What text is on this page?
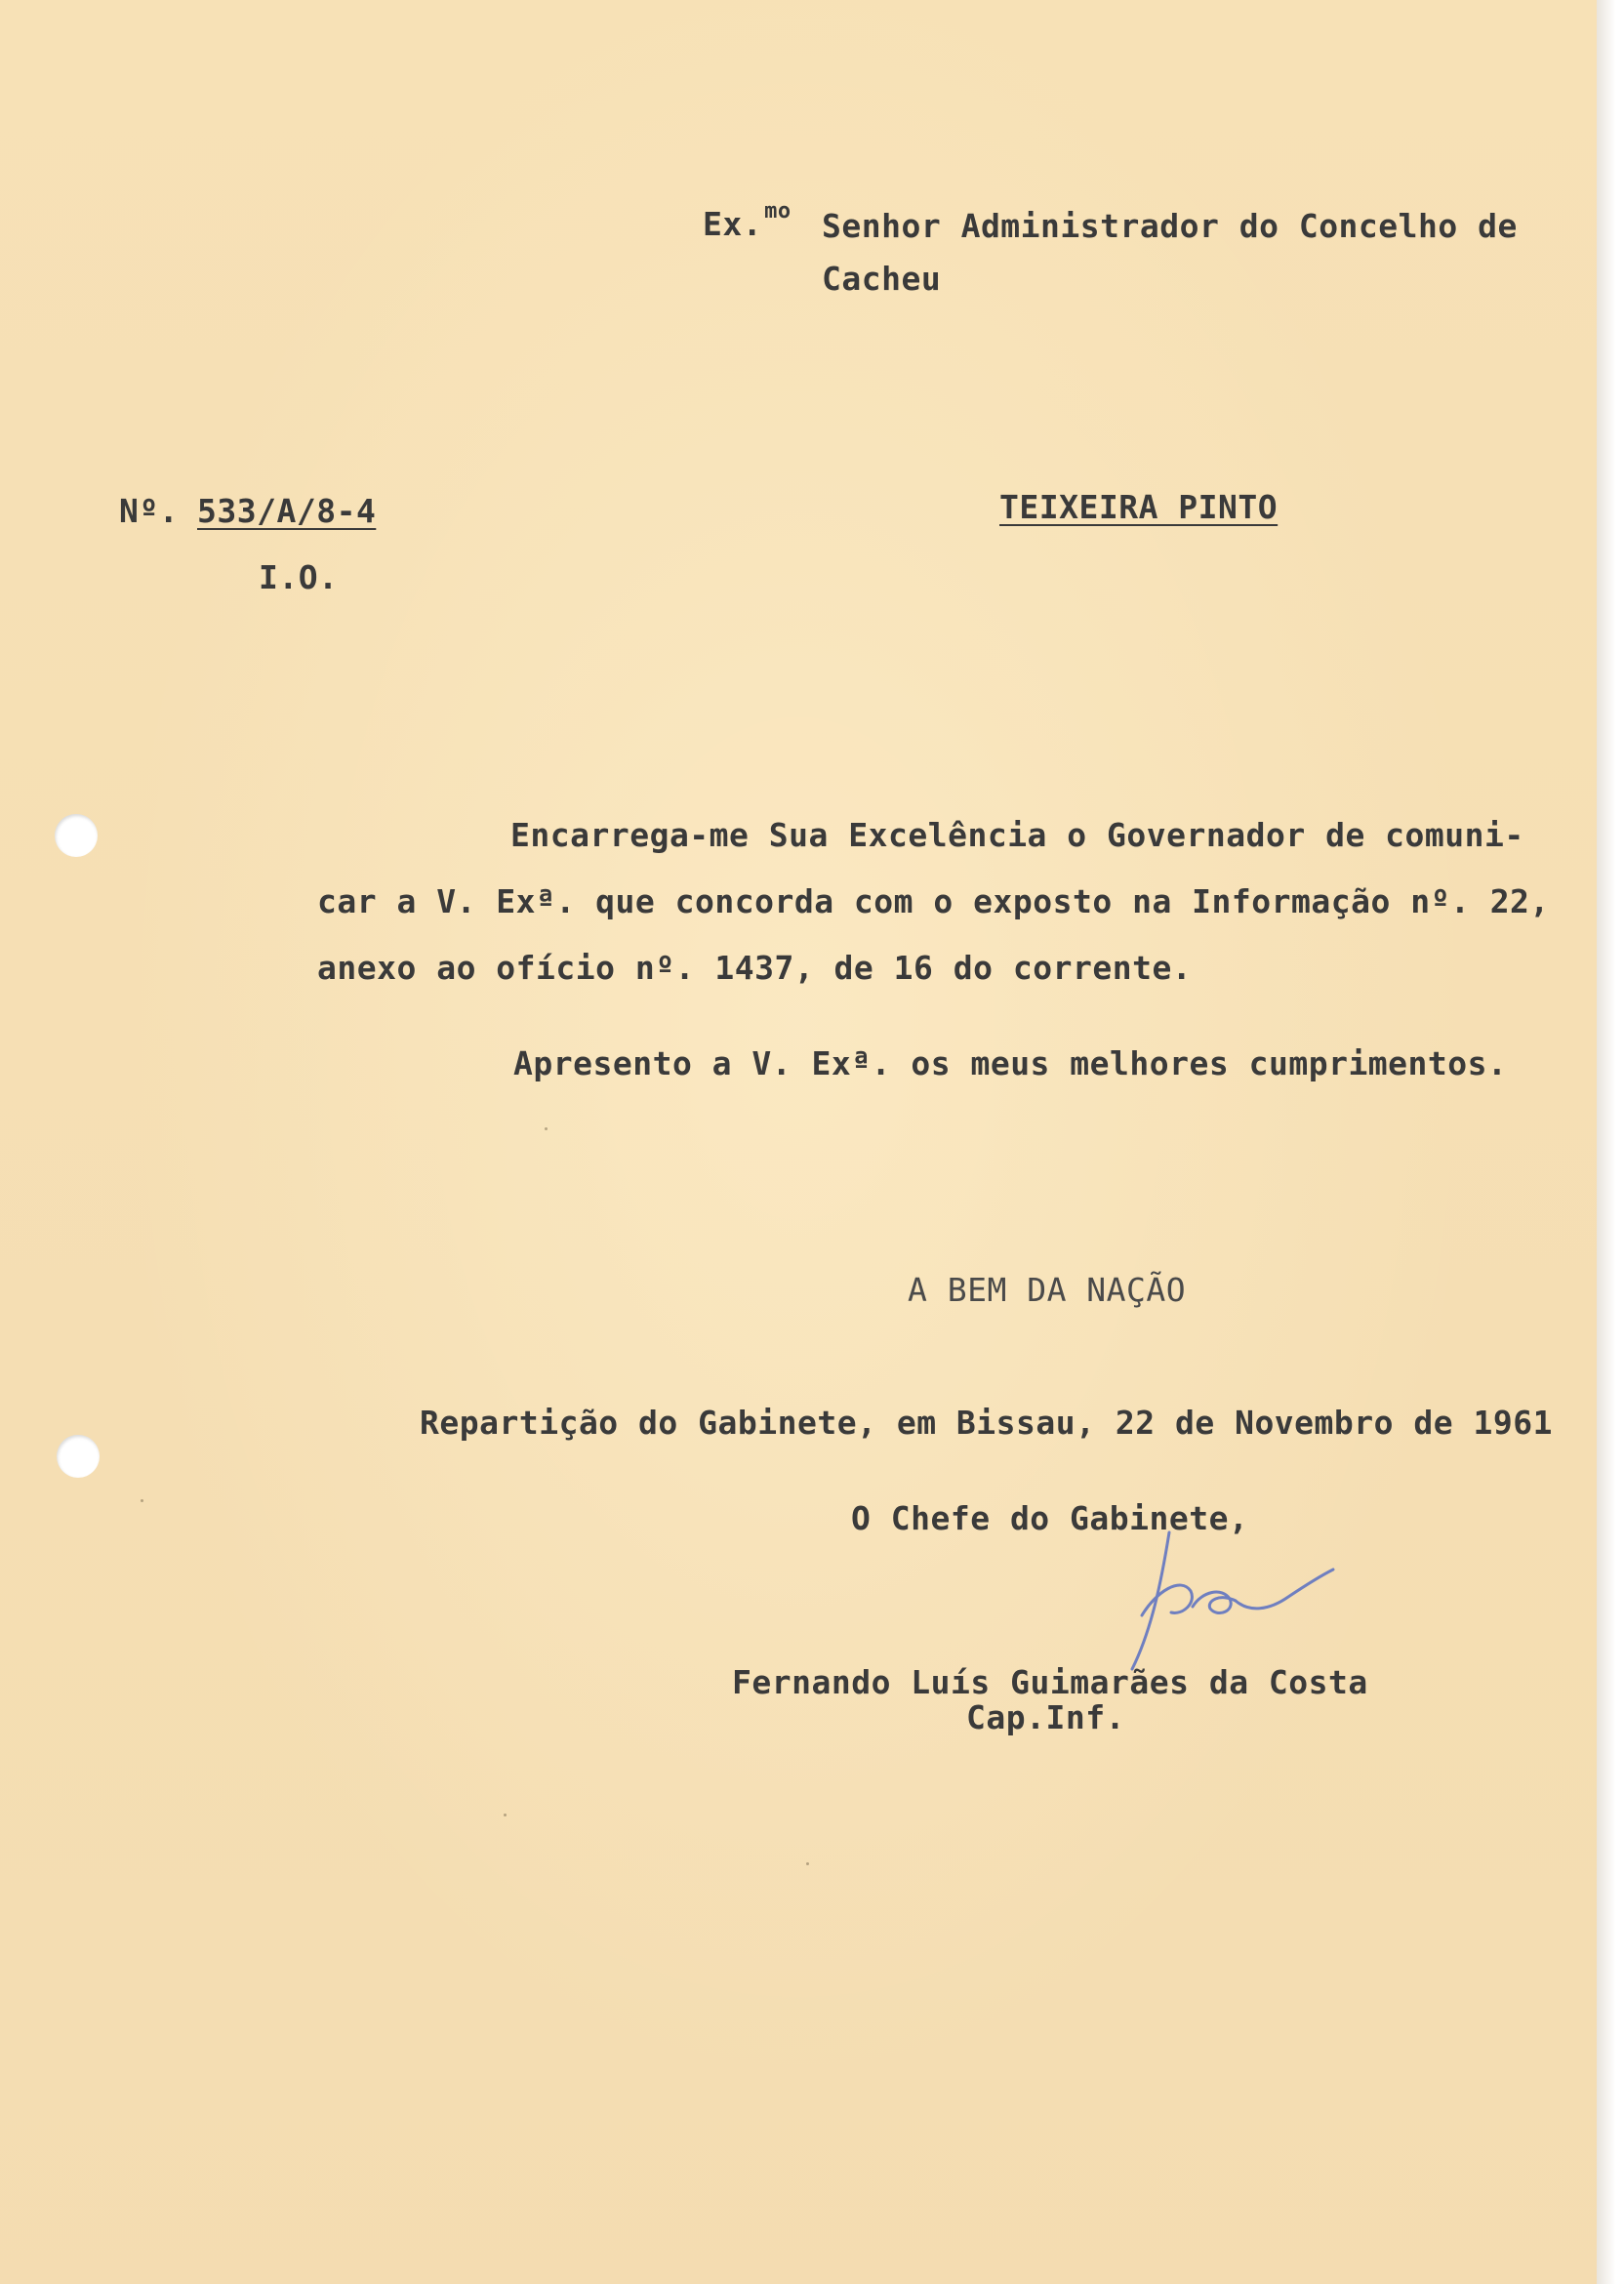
Ex.$^{mo}$ Senhor Administrador do Concelho de
Cacheu
Nº. 533/A/8-4	TEIXEIRA PINTO
I.O.
Encarrega-me Sua Excelência o Governador de comuni-
car a V. Exª. que concorda com o exposto na Informação nº. 22,
anexo ao ofício nº. 1437, de 16 do corrente.
Apresento a V. Exª. os meus melhores cumprimentos.
A BEM DA NAÇÃO
Repartição do Gabinete, em Bissau, 22 de Novembro de 1961
O Chefe do Gabinete,
Fernando Luís Guimarães da Costa
Cap.Inf.
